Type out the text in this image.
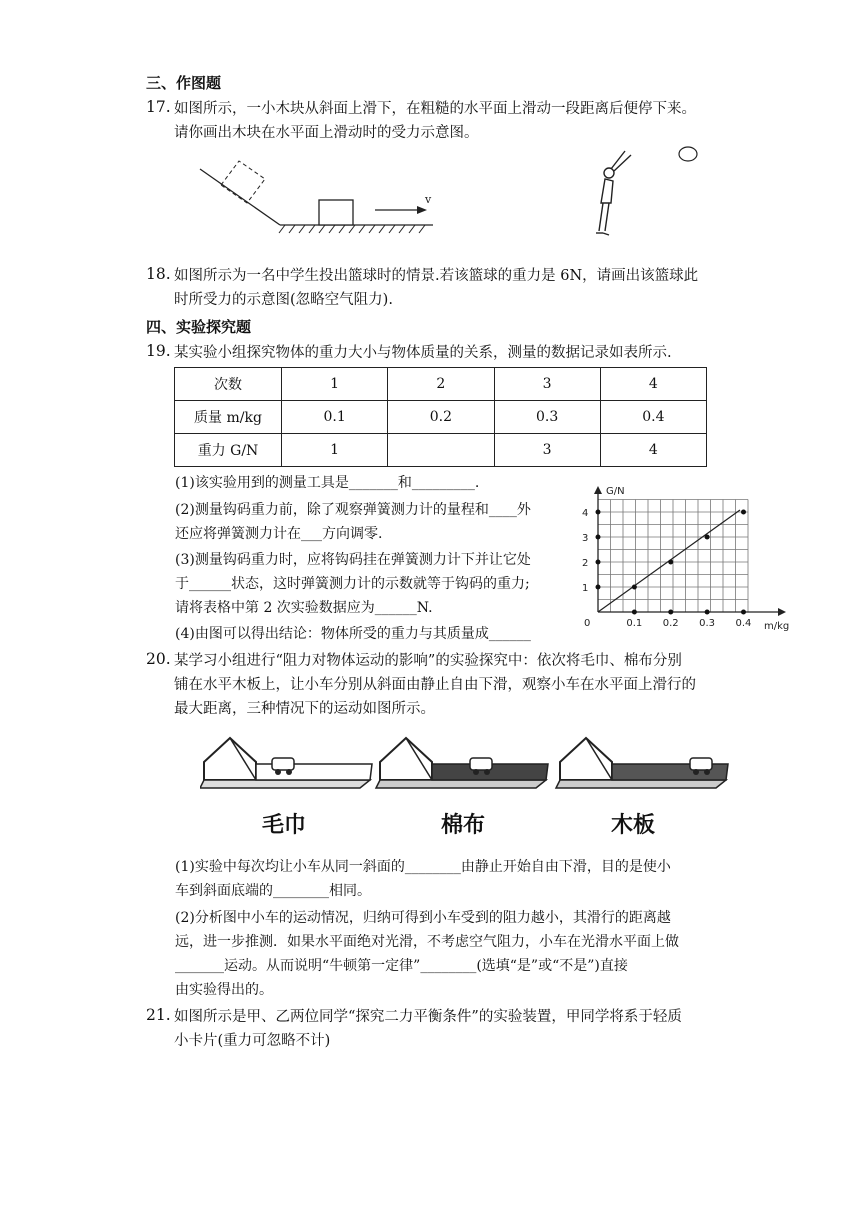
三、作图题
17. 如图所示，一小木块从斜面上滑下，在粗糙的水平面上滑动一段距离后便停下来。
请你画出木块在水平面上滑动时的受力示意图。
v
18. 如图所示为一名中学生投出篮球时的情景.若该篮球的重力是 6N，请画出该篮球此
时所受力的示意图(忽略空气阻力).
四、实验探究题
19. 某实验小组探究物体的重力大小与物体质量的关系，测量的数据记录如表所示.
次数	1	2	3	4
质量 m/kg	0.1	0.2	0.3	0.4
重力 G/N	1		3	4
(1)该实验用到的测量工具是_______和_________.
(2)测量钩码重力前，除了观察弹簧测力计的量程和____外
还应将弹簧测力计在___方向调零.
(3)测量钩码重力时，应将钩码挂在弹簧测力计下并让它处
于______状态，这时弹簧测力计的示数就等于钩码的重力;
请将表格中第 2 次实验数据应为______N.
(4)由图可以得出结论：物体所受的重力与其质量成______
0.1 0.2 0.3 0.4
1
2
3
4
G/N
m/kg
0
20. 某学习小组进行“阻力对物体运动的影响”的实验探究中：依次将毛巾、棉布分别
铺在水平木板上，让小车分别从斜面由静止自由下滑，观察小车在水平面上滑行的
最大距离，三种情况下的运动如图所示。
毛巾	棉布	木板
(1)实验中每次均让小车从同一斜面的________由静止开始自由下滑，目的是使小
车到斜面底端的________相同。
(2)分析图中小车的运动情况，归纳可得到小车受到的阻力越小，其滑行的距离越
远，进一步推测．如果水平面绝对光滑，不考虑空气阻力，小车在光滑水平面上做
_______运动。从而说明“牛顿第一定律”________(选填“是”或“不是”)直接
由实验得出的。
21. 如图所示是甲、乙两位同学“探究二力平衡条件”的实验装置，甲同学将系于轻质
小卡片(重力可忽略不计)
